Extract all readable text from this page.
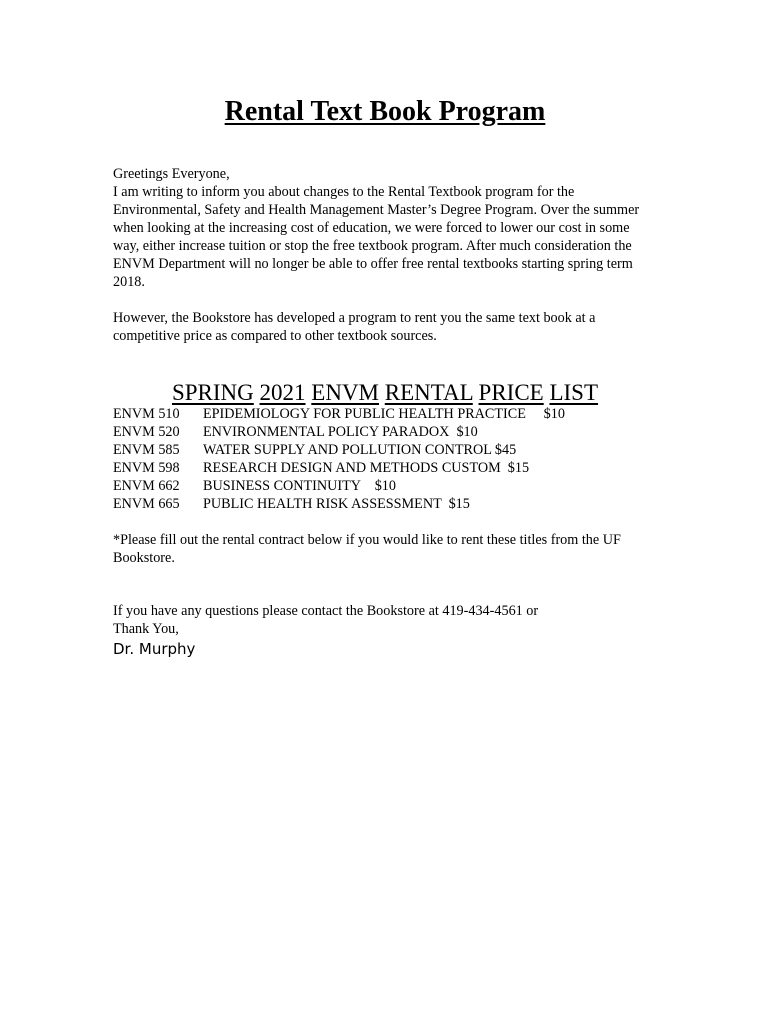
Rental Text Book Program
Greetings Everyone,
I am writing to inform you about changes to the Rental Textbook program for the Environmental, Safety and Health Management Master’s Degree Program. Over the summer when looking at the increasing cost of education, we were forced to lower our cost in some way, either increase tuition or stop the free textbook program. After much consideration the ENVM Department will no longer be able to offer free rental textbooks starting spring term 2018.
However, the Bookstore has developed a program to rent you the same text book at a competitive price as compared to other textbook sources.
SPRING 2021 ENVM RENTAL PRICE LIST
ENVM 510	EPIDEMIOLOGY FOR PUBLIC HEALTH PRACTICE     $10
ENVM 520	ENVIRONMENTAL POLICY PARADOX  $10
ENVM 585	WATER SUPPLY AND POLLUTION CONTROL $45
ENVM 598	RESEARCH DESIGN AND METHODS CUSTOM  $15
ENVM 662	BUSINESS CONTINUITY    $10
ENVM 665	PUBLIC HEALTH RISK ASSESSMENT  $15
*Please fill out the rental contract below if you would like to rent these titles from the UF Bookstore.
If you have any questions please contact the Bookstore at 419-434-4561 or
Thank You,
Dr. Murphy
